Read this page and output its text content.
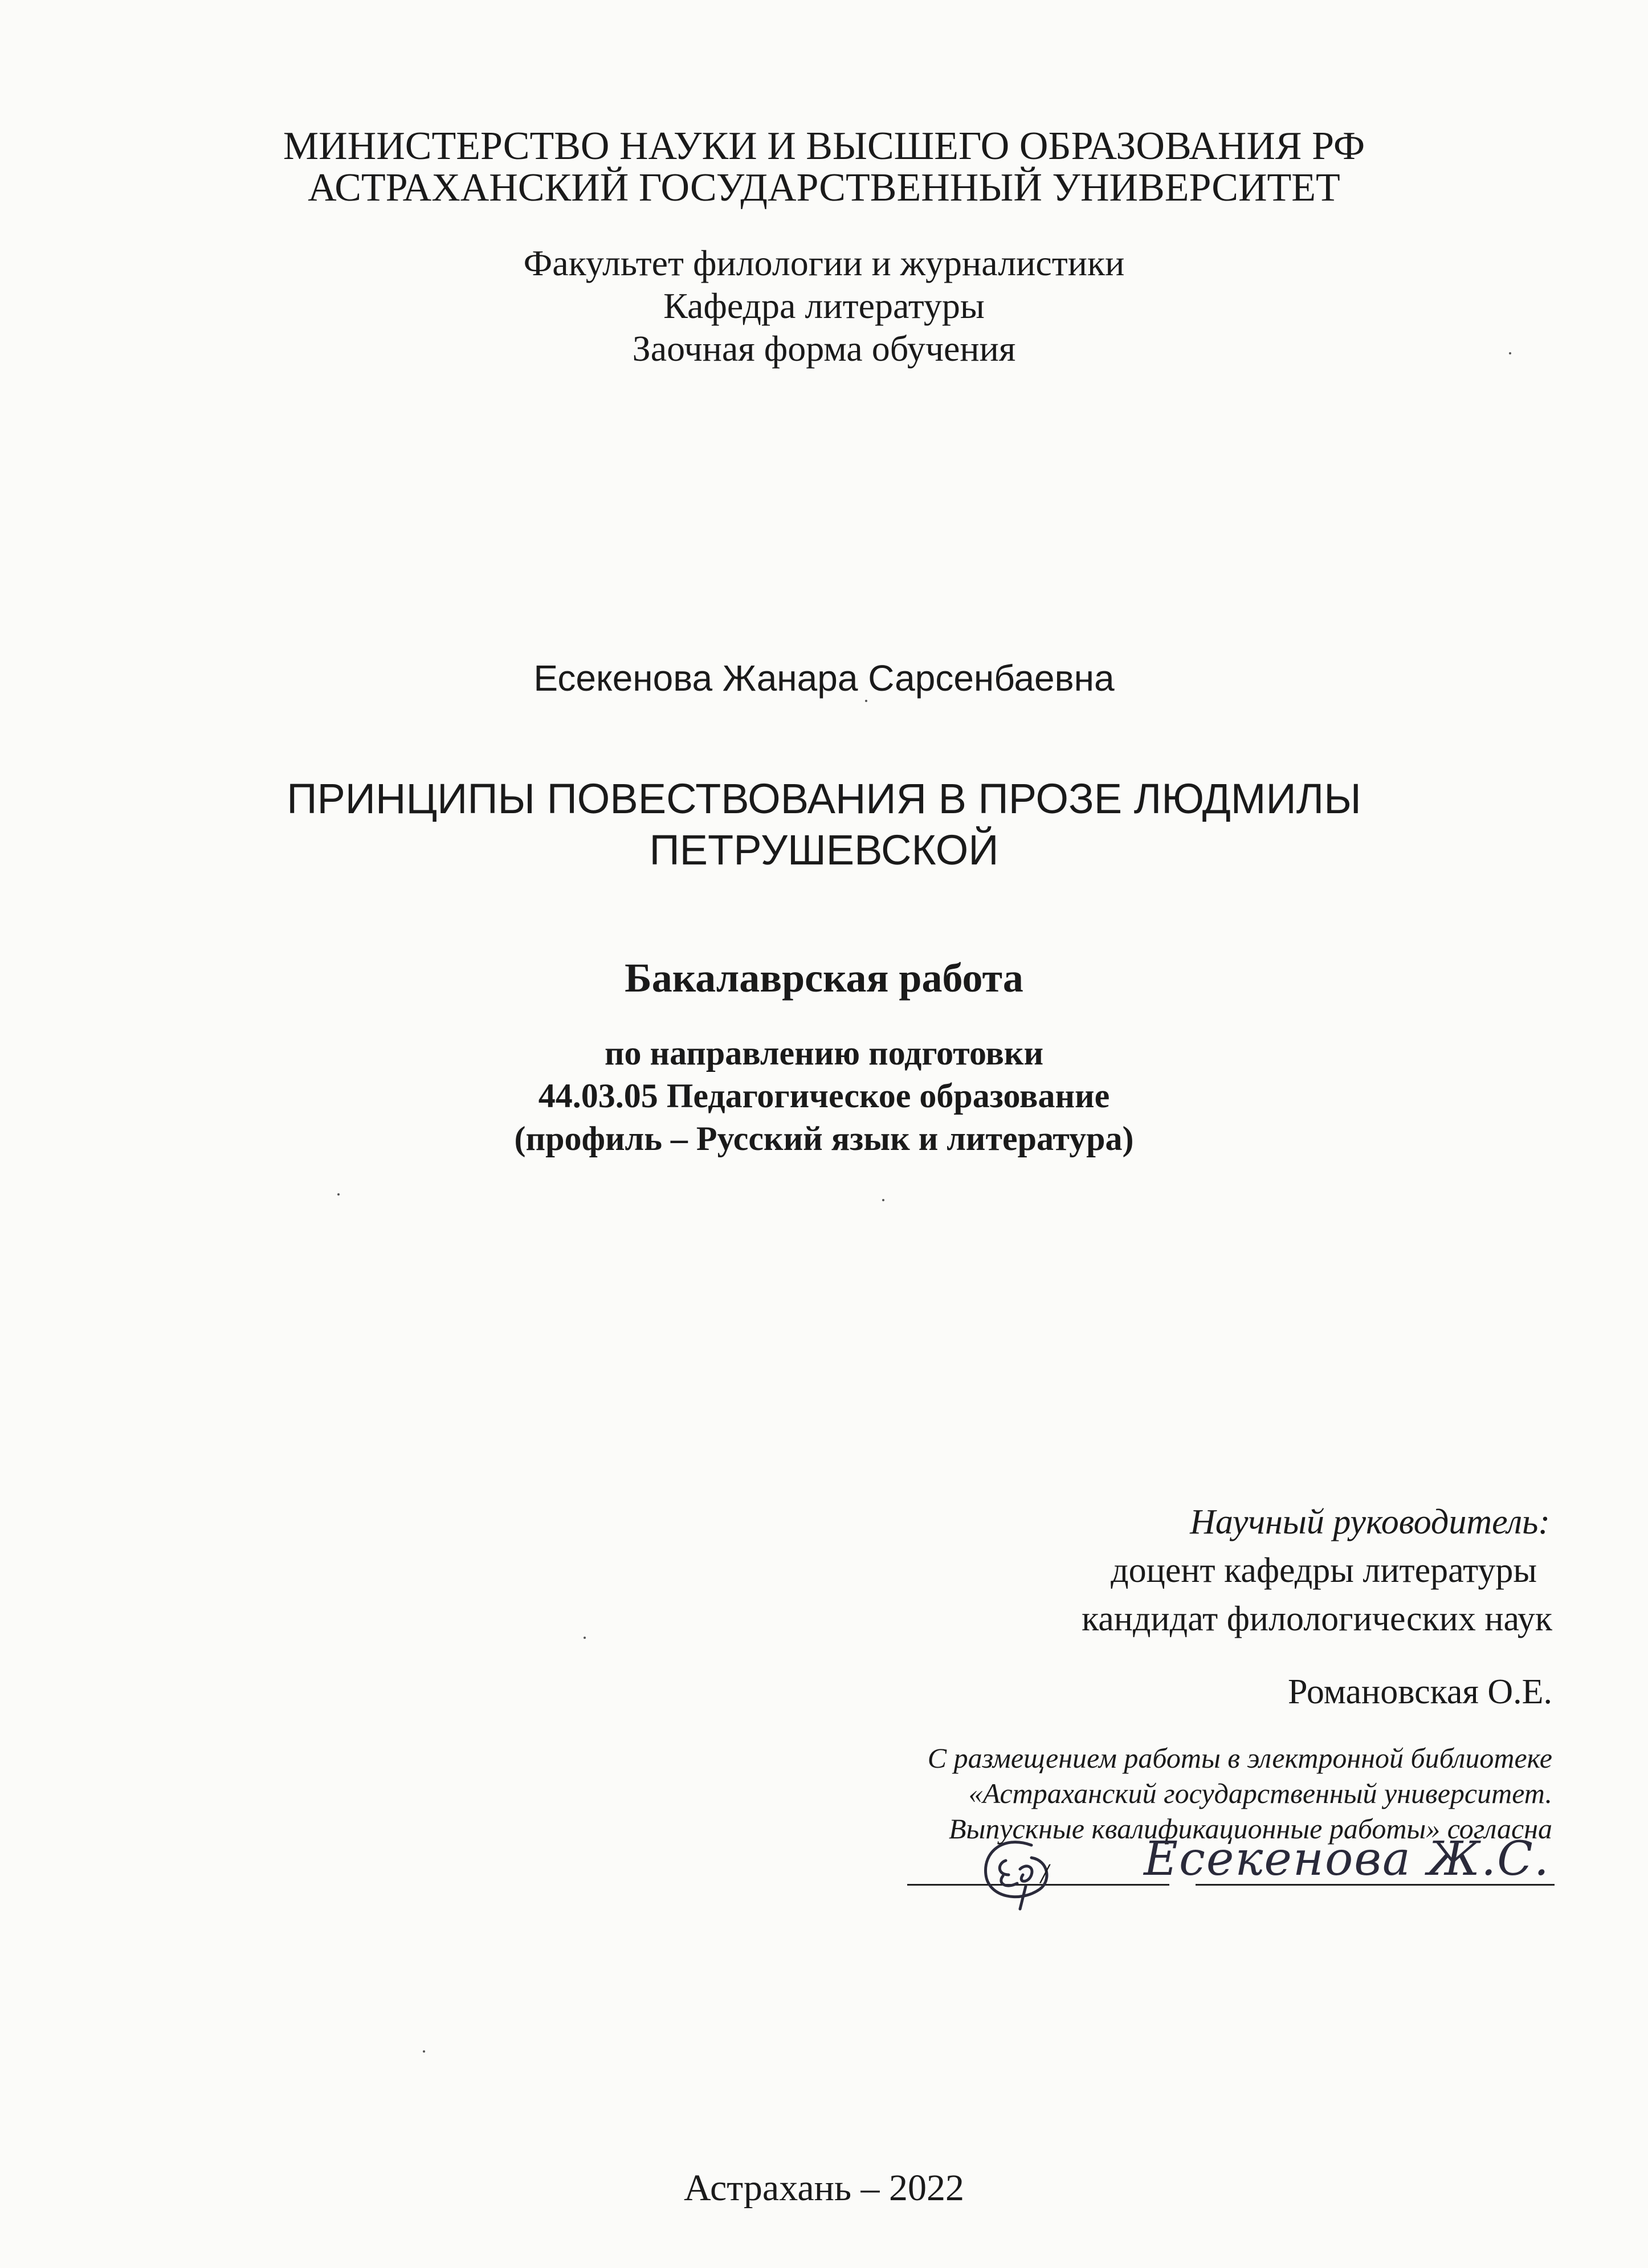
МИНИСТЕРСТВО НАУКИ И ВЫСШЕГО ОБРАЗОВАНИЯ РФ
АСТРАХАНСКИЙ ГОСУДАРСТВЕННЫЙ УНИВЕРСИТЕТ
Факультет филологии и журналистики
Кафедра литературы
Заочная форма обучения
Есекенова Жанара Сарсенбаевна
ПРИНЦИПЫ ПОВЕСТВОВАНИЯ В ПРОЗЕ ЛЮДМИЛЫ
ПЕТРУШЕВСКОЙ
Бакалаврская работа
по направлению подготовки
44.03.05 Педагогическое образование
(профиль – Русский язык и литература)
Научный руководитель:
доцент кафедры литературы
кандидат филологических наук
Романовская О.Е.
С размещением работы в электронной библиотеке
«Астраханский государственный университет.
Выпускные квалификационные работы» согласна
/ Есекенова Ж.С.
Астрахань – 2022
